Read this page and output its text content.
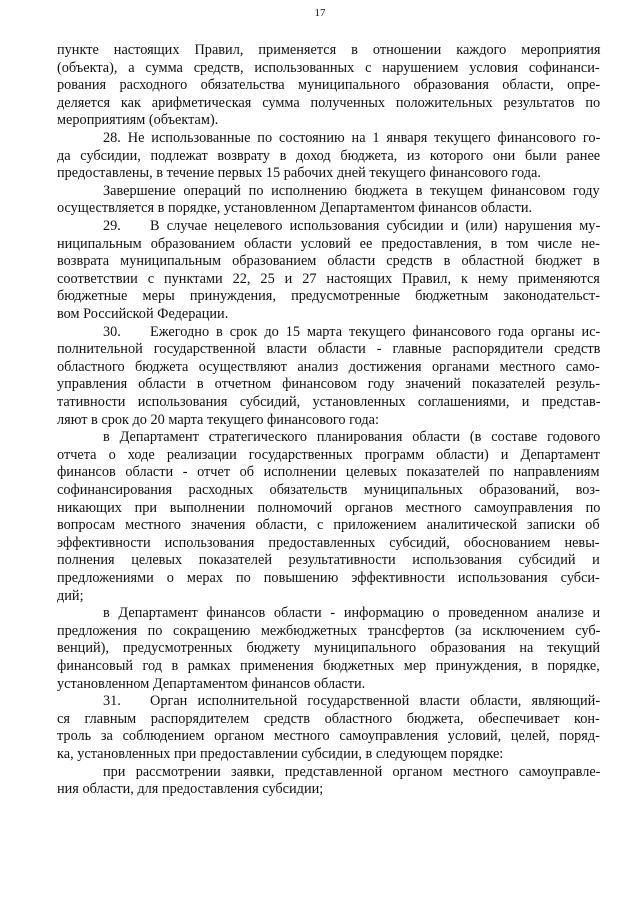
17
пункте настоящих Правил, применяется в отношении каждого мероприятия
(объекта), а сумма средств, использованных с нарушением условия софинанси-
рования расходного обязательства муниципального образования области, опре-
деляется как арифметическая сумма полученных положительных результатов по
мероприятиям (объектам).
28. Не использованные по состоянию на 1 января текущего финансового го-
да субсидии, подлежат возврату в доход бюджета, из которого они были ранее
предоставлены, в течение первых 15 рабочих дней текущего финансового года.
Завершение операций по исполнению бюджета в текущем финансовом году
осуществляется в порядке, установленном Департаментом финансов области.
29. В случае нецелевого использования субсидии и (или) нарушения му-
ниципальным образованием области условий ее предоставления, в том числе не-
возврата муниципальным образованием области средств в областной бюджет в
соответствии с пунктами 22, 25 и 27 настоящих Правил, к нему применяются
бюджетные меры принуждения, предусмотренные бюджетным законодательст-
вом Российской Федерации.
30. Ежегодно в срок до 15 марта текущего финансового года органы ис-
полнительной государственной власти области - главные распорядители средств
областного бюджета осуществляют анализ достижения органами местного само-
управления области в отчетном финансовом году значений показателей резуль-
тативности использования субсидий, установленных соглашениями, и представ-
ляют в срок до 20 марта текущего финансового года:
в Департамент стратегического планирования области (в составе годового
отчета о ходе реализации государственных программ области) и Департамент
финансов области - отчет об исполнении целевых показателей по направлениям
софинансирования расходных обязательств муниципальных образований, воз-
никающих при выполнении полномочий органов местного самоуправления по
вопросам местного значения области, с приложением аналитической записки об
эффективности использования предоставленных субсидий, обоснованием невы-
полнения целевых показателей результативности использования субсидий и
предложениями о мерах по повышению эффективности использования субси-
дий;
в Департамент финансов области - информацию о проведенном анализе и
предложения по сокращению межбюджетных трансфертов (за исключением суб-
венций), предусмотренных бюджету муниципального образования на текущий
финансовый год в рамках применения бюджетных мер принуждения, в порядке,
установленном Департаментом финансов области.
31. Орган исполнительной государственной власти области, являющий-
ся главным распорядителем средств областного бюджета, обеспечивает кон-
троль за соблюдением органом местного самоуправления условий, целей, поряд-
ка, установленных при предоставлении субсидии, в следующем порядке:
при рассмотрении заявки, представленной органом местного самоуправле-
ния области, для предоставления субсидии;
